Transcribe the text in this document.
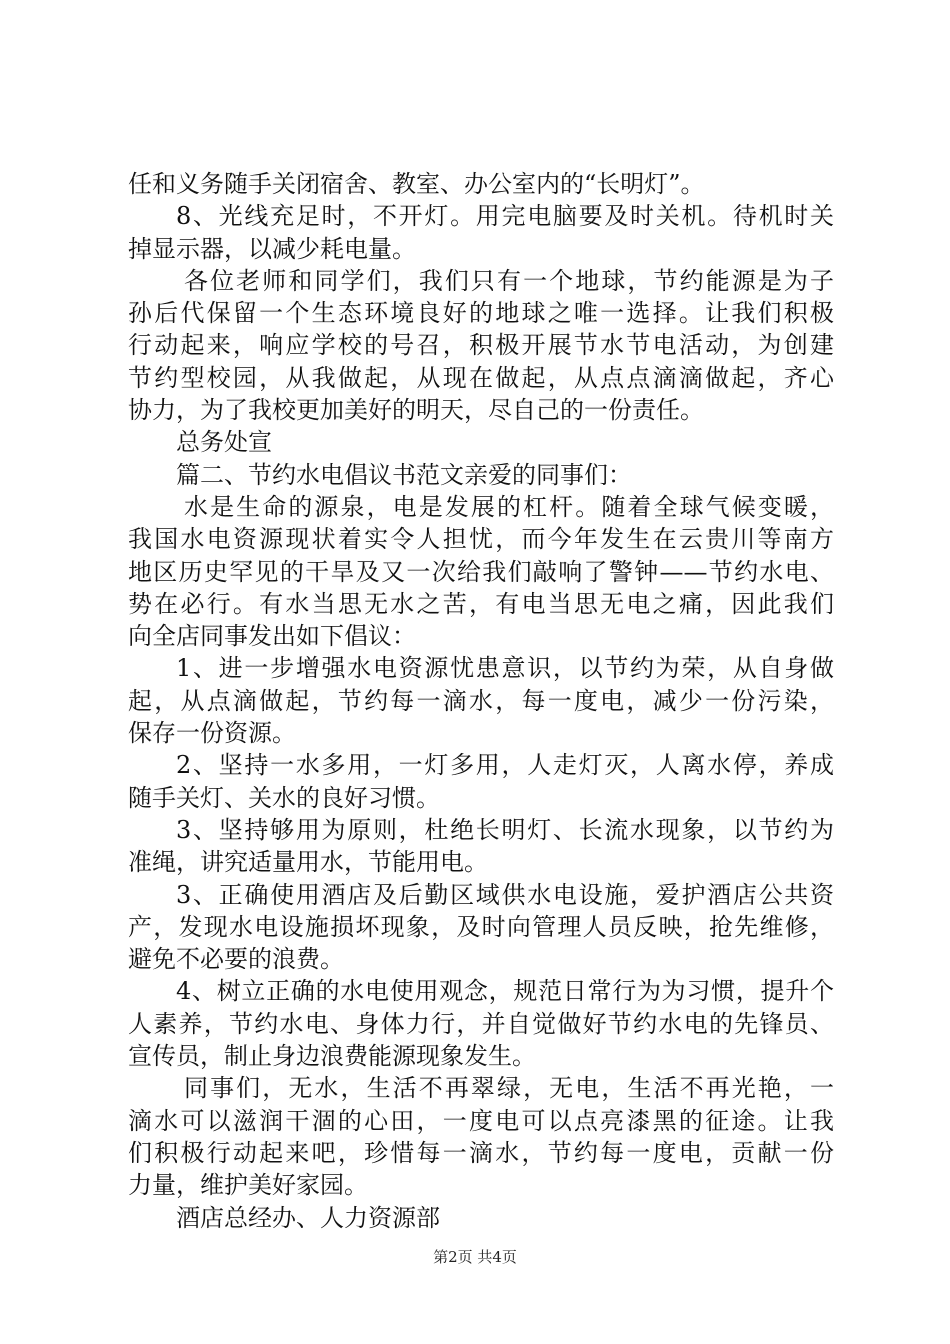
任和义务随手关闭宿舍、教室、办公室内的“长明灯”。
8、光线充足时，不开灯。用完电脑要及时关机。待机时关
掉显示器，以减少耗电量。
各位老师和同学们，我们只有一个地球，节约能源是为子
孙后代保留一个生态环境良好的地球之唯一选择。让我们积极
行动起来，响应学校的号召，积极开展节水节电活动，为创建
节约型校园，从我做起，从现在做起，从点点滴滴做起，齐心
协力，为了我校更加美好的明天，尽自己的一份责任。
总务处宣
篇二、节约水电倡议书范文亲爱的同事们：
水是生命的源泉，电是发展的杠杆。随着全球气候变暖，
我国水电资源现状着实令人担忧，而今年发生在云贵川等南方
地区历史罕见的干旱及又一次给我们敲响了警钟——节约水电、
势在必行。有水当思无水之苦，有电当思无电之痛，因此我们
向全店同事发出如下倡议：
1、进一步增强水电资源忧患意识，以节约为荣，从自身做
起，从点滴做起，节约每一滴水，每一度电，减少一份污染，
保存一份资源。
2、坚持一水多用，一灯多用，人走灯灭，人离水停，养成
随手关灯、关水的良好习惯。
3、坚持够用为原则，杜绝长明灯、长流水现象，以节约为
准绳，讲究适量用水，节能用电。
3、正确使用酒店及后勤区域供水电设施，爱护酒店公共资
产，发现水电设施损坏现象，及时向管理人员反映，抢先维修，
避免不必要的浪费。
4、树立正确的水电使用观念，规范日常行为为习惯，提升个
人素养，节约水电、身体力行，并自觉做好节约水电的先锋员、
宣传员，制止身边浪费能源现象发生。
同事们，无水，生活不再翠绿，无电，生活不再光艳，一
滴水可以滋润干涸的心田，一度电可以点亮漆黑的征途。让我
们积极行动起来吧，珍惜每一滴水，节约每一度电，贡献一份
力量，维护美好家园。
酒店总经办、人力资源部
第2页 共4页
